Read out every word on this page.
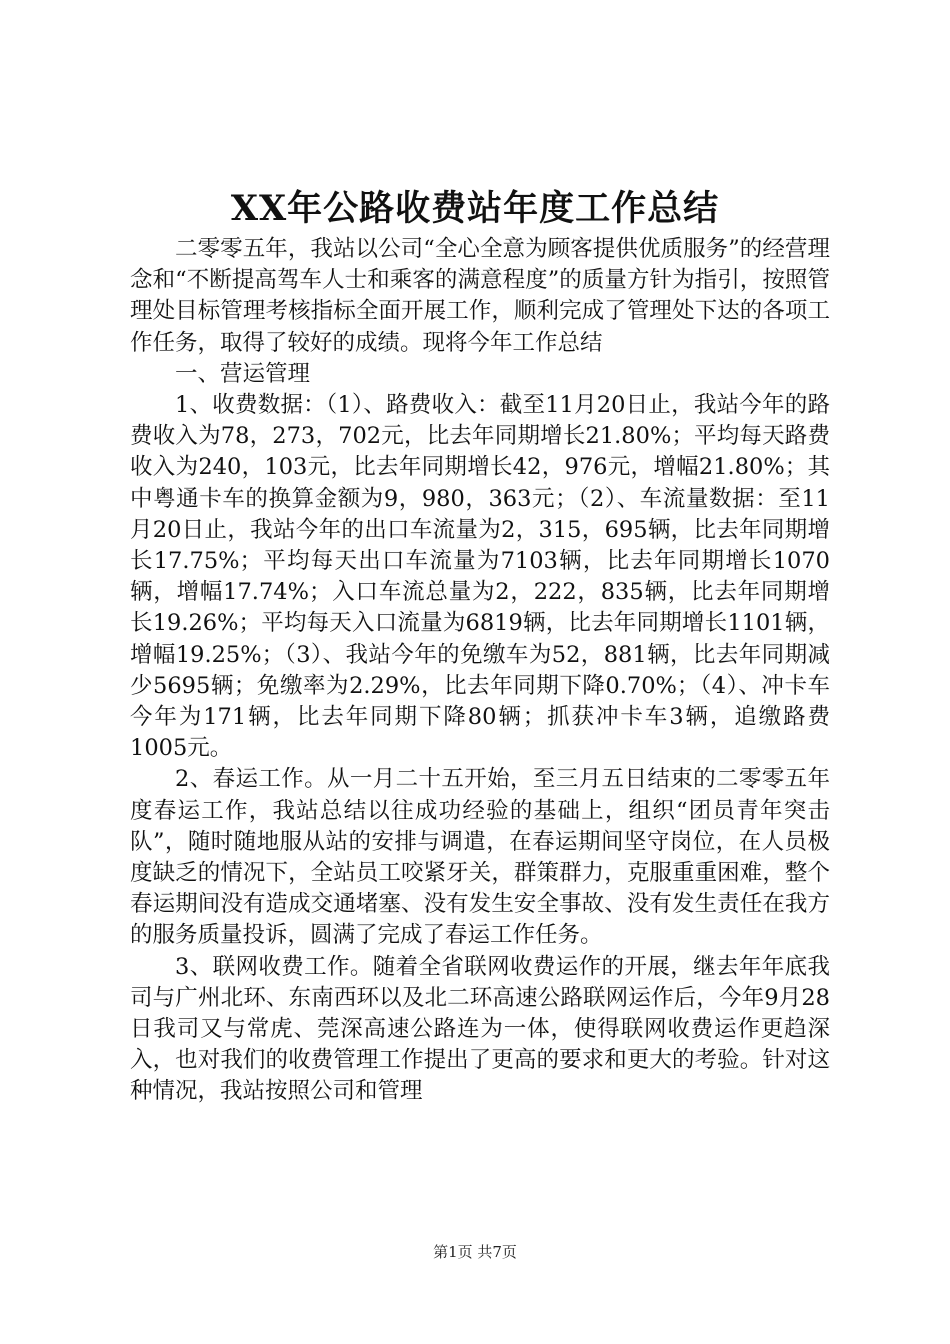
XX年公路收费站年度工作总结

二零零五年，我站以公司“全心全意为顾客提供优质服务”的经营理念和“不断提高驾车人士和乘客的满意程度”的质量方针为指引，按照管理处目标管理考核指标全面开展工作，顺利完成了管理处下达的各项工作任务，取得了较好的成绩。现将今年工作总结

一、营运管理

1、收费数据：（1）、路费收入：截至11月20日止，我站今年的路费收入为78，273，702元，比去年同期增长21.80%；平均每天路费收入为240，103元，比去年同期增长42，976元，增幅21.80%；其中粤通卡车的换算金额为9，980，363元；（2）、车流量数据：至11月20日止，我站今年的出口车流量为2，315，695辆，比去年同期增长17.75%；平均每天出口车流量为7103辆，比去年同期增长1070辆，增幅17.74%；入口车流总量为2，222，835辆，比去年同期增长19.26%；平均每天入口流量为6819辆，比去年同期增长1101辆，增幅19.25%；（3）、我站今年的免缴车为52，881辆，比去年同期减少5695辆；免缴率为2.29%，比去年同期下降0.70%；（4）、冲卡车今年为171辆，比去年同期下降80辆；抓获冲卡车3辆，追缴路费1005元。

2、春运工作。从一月二十五开始，至三月五日结束的二零零五年度春运工作，我站总结以往成功经验的基础上，组织“团员青年突击队”，随时随地服从站的安排与调遣，在春运期间坚守岗位，在人员极度缺乏的情况下，全站员工咬紧牙关，群策群力，克服重重困难，整个春运期间没有造成交通堵塞、没有发生安全事故、没有发生责任在我方的服务质量投诉，圆满了完成了春运工作任务。

3、联网收费工作。随着全省联网收费运作的开展，继去年年底我司与广州北环、东南西环以及北二环高速公路联网运作后，今年9月28日我司又与常虎、莞深高速公路连为一体，使得联网收费运作更趋深入，也对我们的收费管理工作提出了更高的要求和更大的考验。针对这种情况，我站按照公司和管理

第1页 共7页
